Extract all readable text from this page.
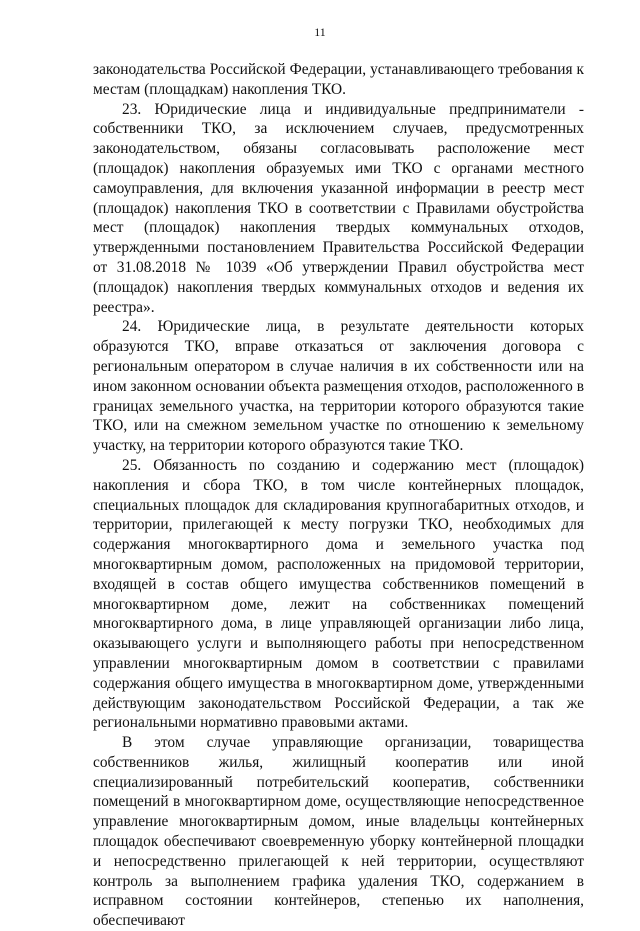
11

законодательства Российской Федерации, устанавливающего требования к местам (площадкам) накопления ТКО.

23. Юридические лица и индивидуальные предприниматели - собственники ТКО, за исключением случаев, предусмотренных законодательством, обязаны согласовывать расположение мест (площадок) накопления образуемых ими ТКО с органами местного самоуправления, для включения указанной информации в реестр мест (площадок) накопления ТКО в соответствии с Правилами обустройства мест (площадок) накопления твердых коммунальных отходов, утвержденными постановлением Правительства Российской Федерации от 31.08.2018 № 1039 «Об утверждении Правил обустройства мест (площадок) накопления твердых коммунальных отходов и ведения их реестра».

24. Юридические лица, в результате деятельности которых образуются ТКО, вправе отказаться от заключения договора с региональным оператором в случае наличия в их собственности или на ином законном основании объекта размещения отходов, расположенного в границах земельного участка, на территории которого образуются такие ТКО, или на смежном земельном участке по отношению к земельному участку, на территории которого образуются такие ТКО.

25. Обязанность по созданию и содержанию мест (площадок) накопления и сбора ТКО, в том числе контейнерных площадок, специальных площадок для складирования крупногабаритных отходов, и территории, прилегающей к месту погрузки ТКО, необходимых для содержания многоквартирного дома и земельного участка под многоквартирным домом, расположенных на придомовой территории, входящей в состав общего имущества собственников помещений в многоквартирном доме, лежит на собственниках помещений многоквартирного дома, в лице управляющей организации либо лица, оказывающего услуги и выполняющего работы при непосредственном управлении многоквартирным домом в соответствии с правилами содержания общего имущества в многоквартирном доме, утвержденными действующим законодательством Российской Федерации, а так же региональными нормативно правовыми актами.

В этом случае управляющие организации, товарищества собственников жилья, жилищный кооператив или иной специализированный потребительский кооператив, собственники помещений в многоквартирном доме, осуществляющие непосредственное управление многоквартирным домом, иные владельцы контейнерных площадок обеспечивают своевременную уборку контейнерной площадки и непосредственно прилегающей к ней территории, осуществляют контроль за выполнением графика удаления ТКО, содержанием в исправном состоянии контейнеров, степенью их наполнения, обеспечивают
